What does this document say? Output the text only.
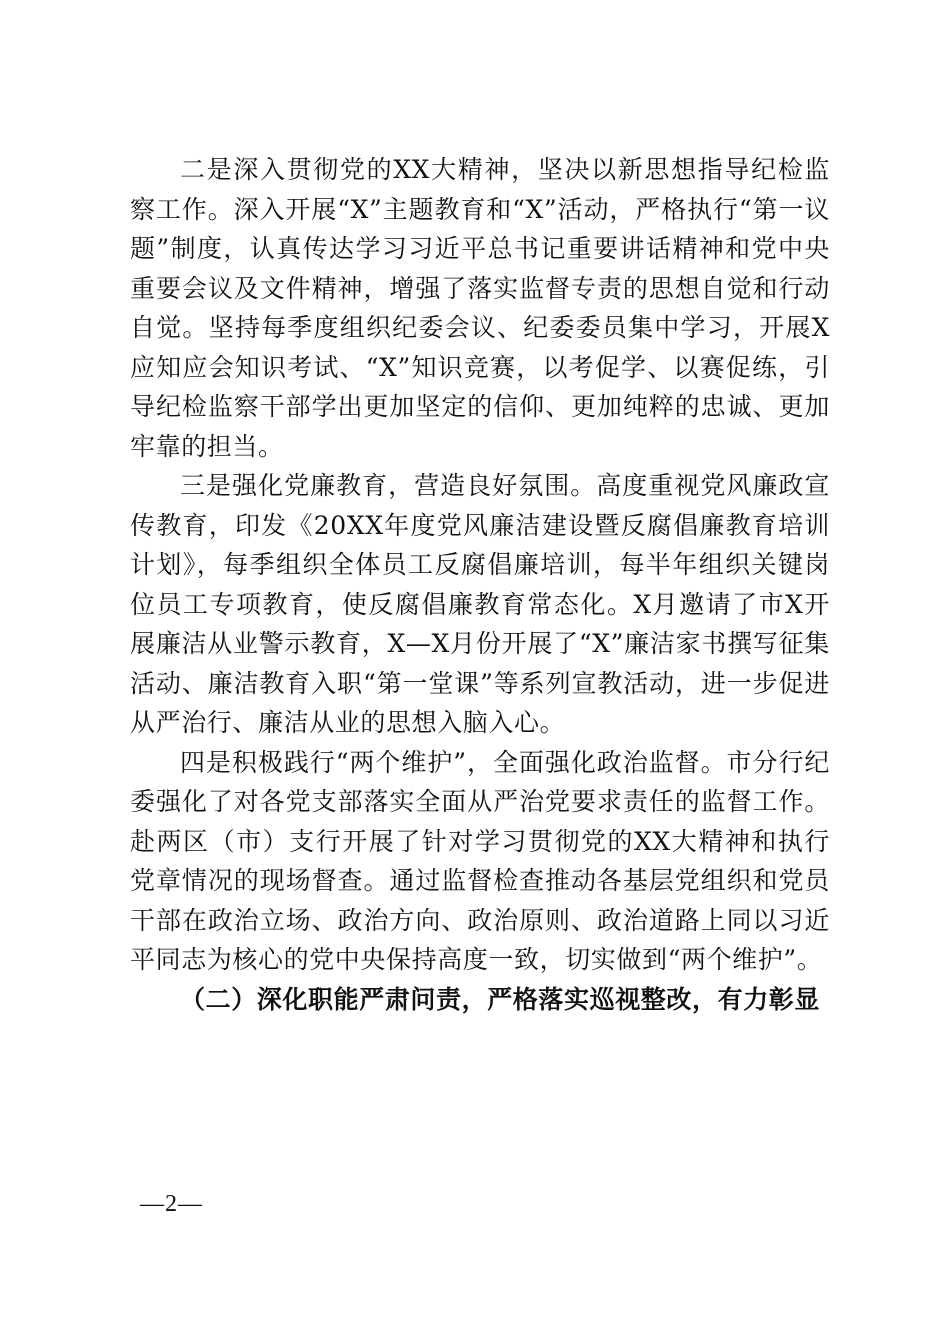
二是深入贯彻党的XX大精神，坚决以新思想指导纪检监察工作。深入开展“X”主题教育和“X”活动，严格执行“第一议题”制度，认真传达学习习近平总书记重要讲话精神和党中央重要会议及文件精神，增强了落实监督专责的思想自觉和行动自觉。坚持每季度组织纪委会议、纪委委员集中学习，开展X应知应会知识考试、“X”知识竞赛，以考促学、以赛促练，引导纪检监察干部学出更加坚定的信仰、更加纯粹的忠诚、更加牢靠的担当。

三是强化党廉教育，营造良好氛围。高度重视党风廉政宣传教育，印发《20XX年度党风廉洁建设暨反腐倡廉教育培训计划》，每季组织全体员工反腐倡廉培训，每半年组织关键岗位员工专项教育，使反腐倡廉教育常态化。X月邀请了市X开展廉洁从业警示教育，X—X月份开展了“X”廉洁家书撰写征集活动、廉洁教育入职“第一堂课”等系列宣教活动，进一步促进从严治行、廉洁从业的思想入脑入心。

四是积极践行“两个维护”，全面强化政治监督。市分行纪委强化了对各党支部落实全面从严治党要求责任的监督工作。赴两区（市）支行开展了针对学习贯彻党的XX大精神和执行党章情况的现场督查。通过监督检查推动各基层党组织和党员干部在政治立场、政治方向、政治原则、政治道路上同以习近平同志为核心的党中央保持高度一致，切实做到“两个维护”。

（二）深化职能严肃问责，严格落实巡视整改，有力彰显

—2—
